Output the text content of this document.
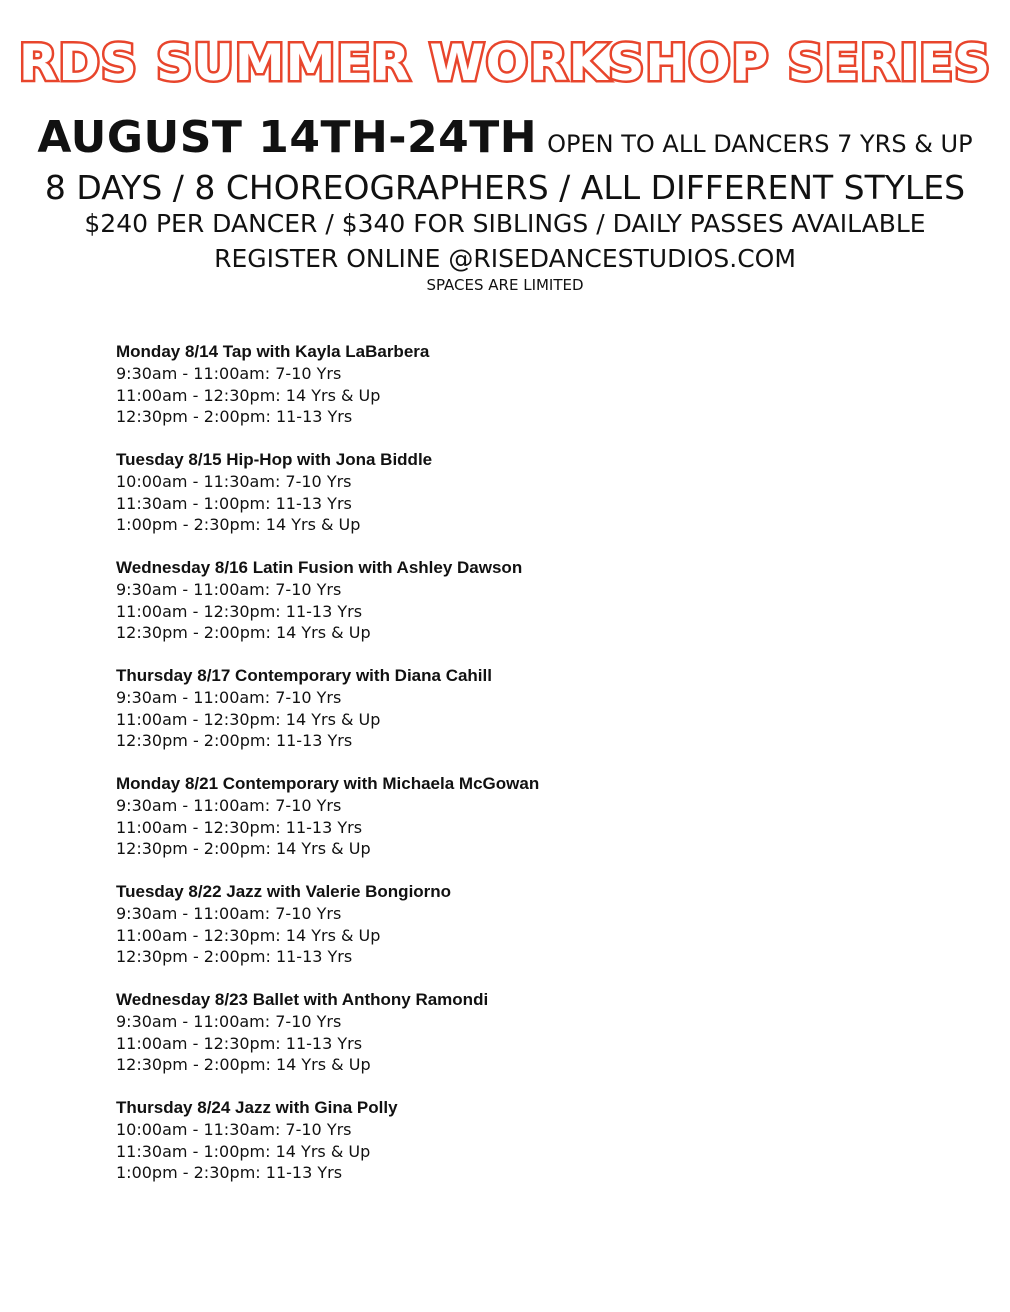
RDS SUMMER WORKSHOP SERIES
AUGUST 14TH-24TH OPEN TO ALL DANCERS 7 YRS & UP
8 DAYS / 8 CHOREOGRAPHERS / ALL DIFFERENT STYLES
$240 PER DANCER / $340 FOR SIBLINGS / DAILY PASSES AVAILABLE
REGISTER ONLINE @RISEDANCESTUDIOS.COM
SPACES ARE LIMITED
Monday 8/14 Tap with Kayla LaBarbera
9:30am - 11:00am: 7-10 Yrs
11:00am - 12:30pm: 14 Yrs & Up
12:30pm - 2:00pm: 11-13 Yrs
Tuesday 8/15 Hip-Hop with Jona Biddle
10:00am - 11:30am: 7-10 Yrs
11:30am - 1:00pm: 11-13 Yrs
1:00pm - 2:30pm: 14 Yrs & Up
Wednesday 8/16 Latin Fusion with Ashley Dawson
9:30am - 11:00am: 7-10 Yrs
11:00am - 12:30pm: 11-13 Yrs
12:30pm - 2:00pm: 14 Yrs & Up
Thursday 8/17 Contemporary with Diana Cahill
9:30am - 11:00am: 7-10 Yrs
11:00am - 12:30pm: 14 Yrs & Up
12:30pm - 2:00pm: 11-13 Yrs
Monday 8/21 Contemporary with Michaela McGowan
9:30am - 11:00am: 7-10 Yrs
11:00am - 12:30pm: 11-13 Yrs
12:30pm - 2:00pm: 14 Yrs & Up
Tuesday 8/22 Jazz with Valerie Bongiorno
9:30am - 11:00am: 7-10 Yrs
11:00am - 12:30pm: 14 Yrs & Up
12:30pm - 2:00pm: 11-13 Yrs
Wednesday 8/23 Ballet with Anthony Ramondi
9:30am - 11:00am: 7-10 Yrs
11:00am - 12:30pm: 11-13 Yrs
12:30pm - 2:00pm: 14 Yrs & Up
Thursday 8/24 Jazz with Gina Polly
10:00am - 11:30am: 7-10 Yrs
11:30am - 1:00pm: 14 Yrs & Up
1:00pm - 2:30pm: 11-13 Yrs
